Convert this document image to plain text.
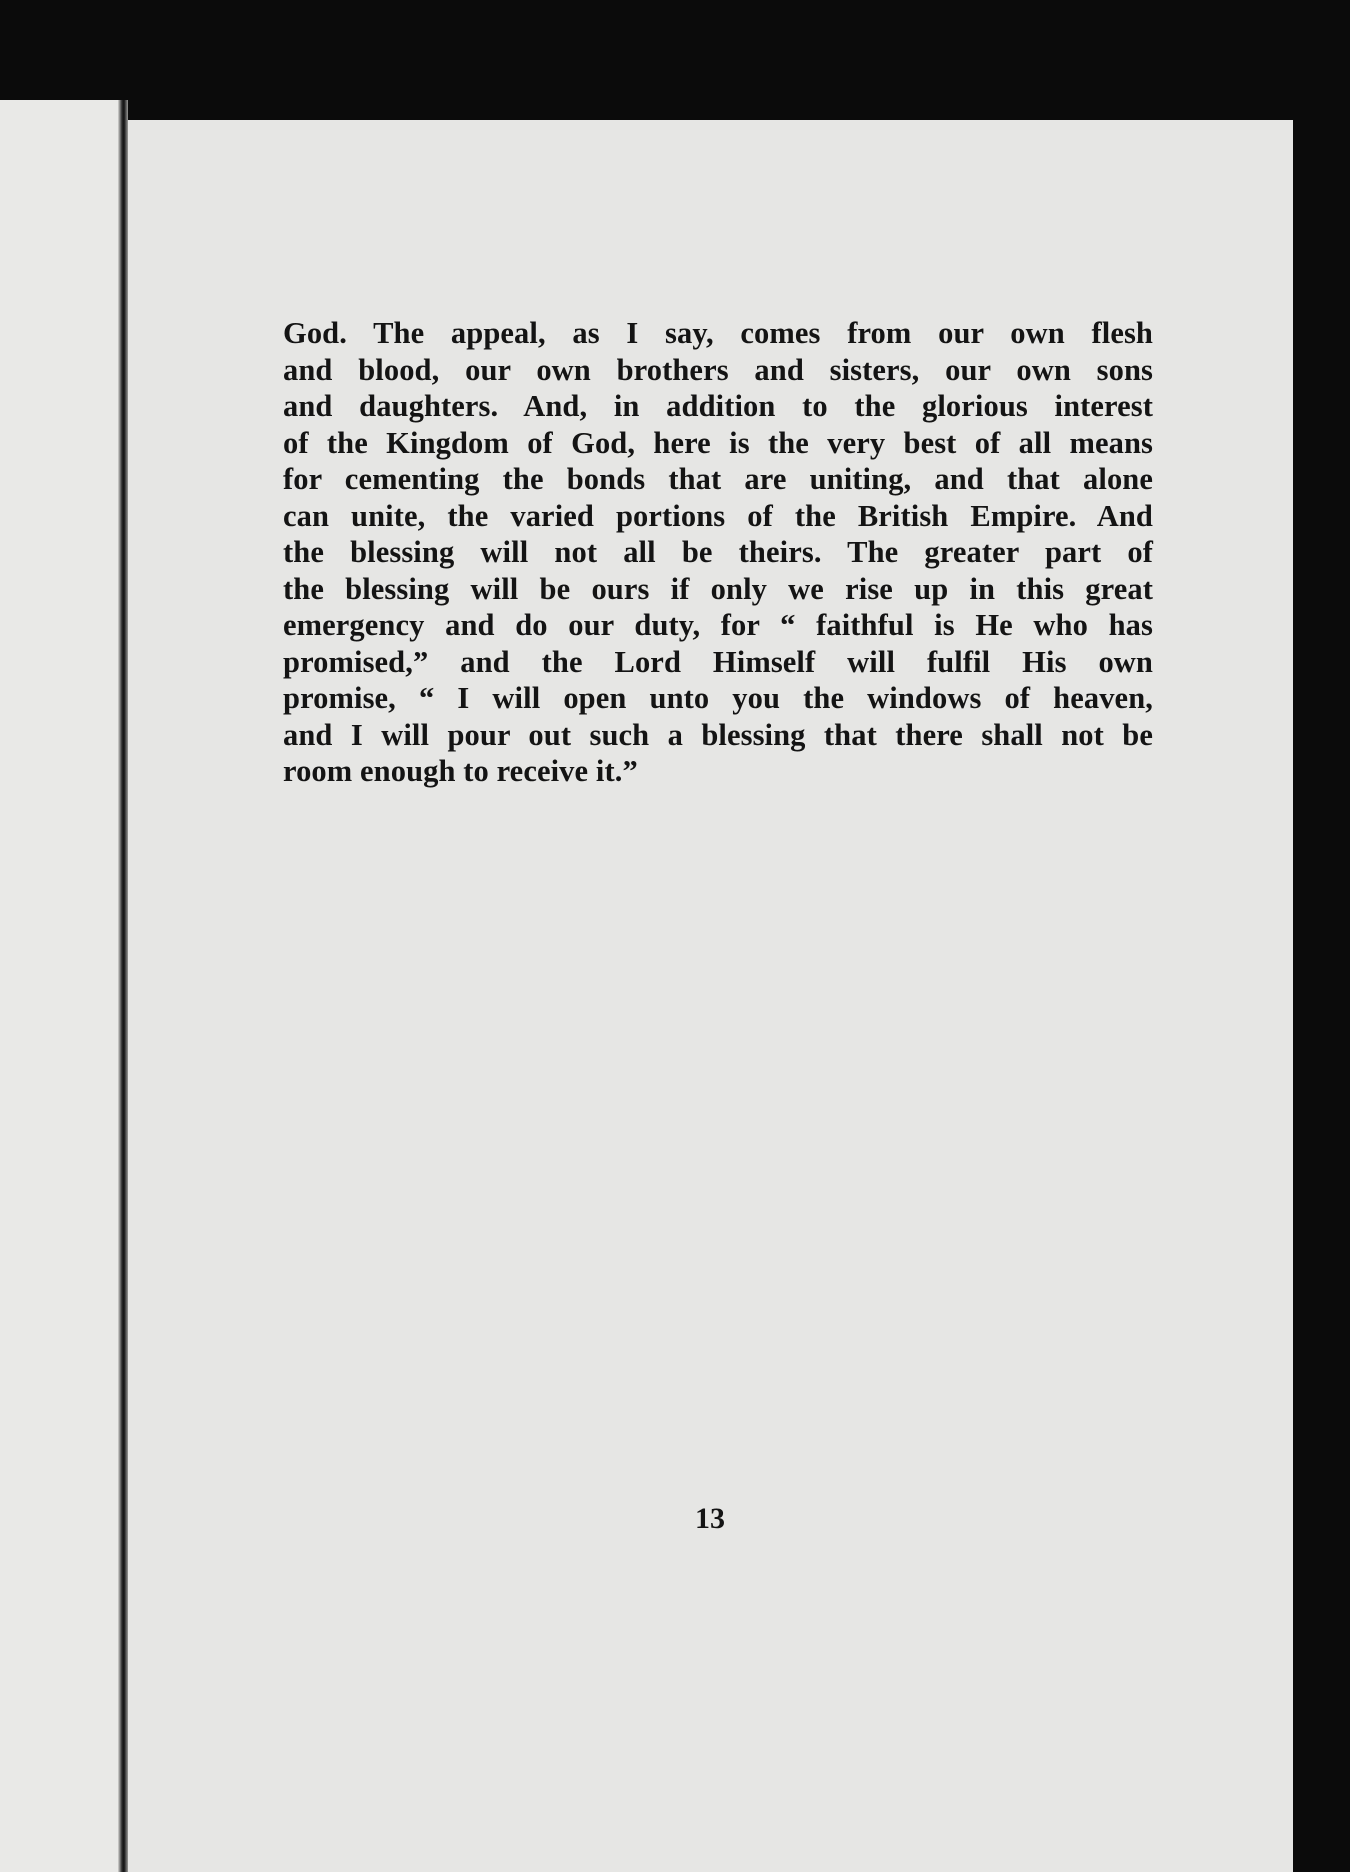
God. The appeal, as I say, comes from our own flesh
and blood, our own brothers and sisters, our own sons
and daughters. And, in addition to the glorious interest
of the Kingdom of God, here is the very best of all means
for cementing the bonds that are uniting, and that alone
can unite, the varied portions of the British Empire. And
the blessing will not all be theirs. The greater part of
the blessing will be ours if only we rise up in this great
emergency and do our duty, for “ faithful is He who has
promised,” and the Lord Himself will fulfil His own
promise, “ I will open unto you the windows of heaven,
and I will pour out such a blessing that there shall not be
room enough to receive it.”
13
